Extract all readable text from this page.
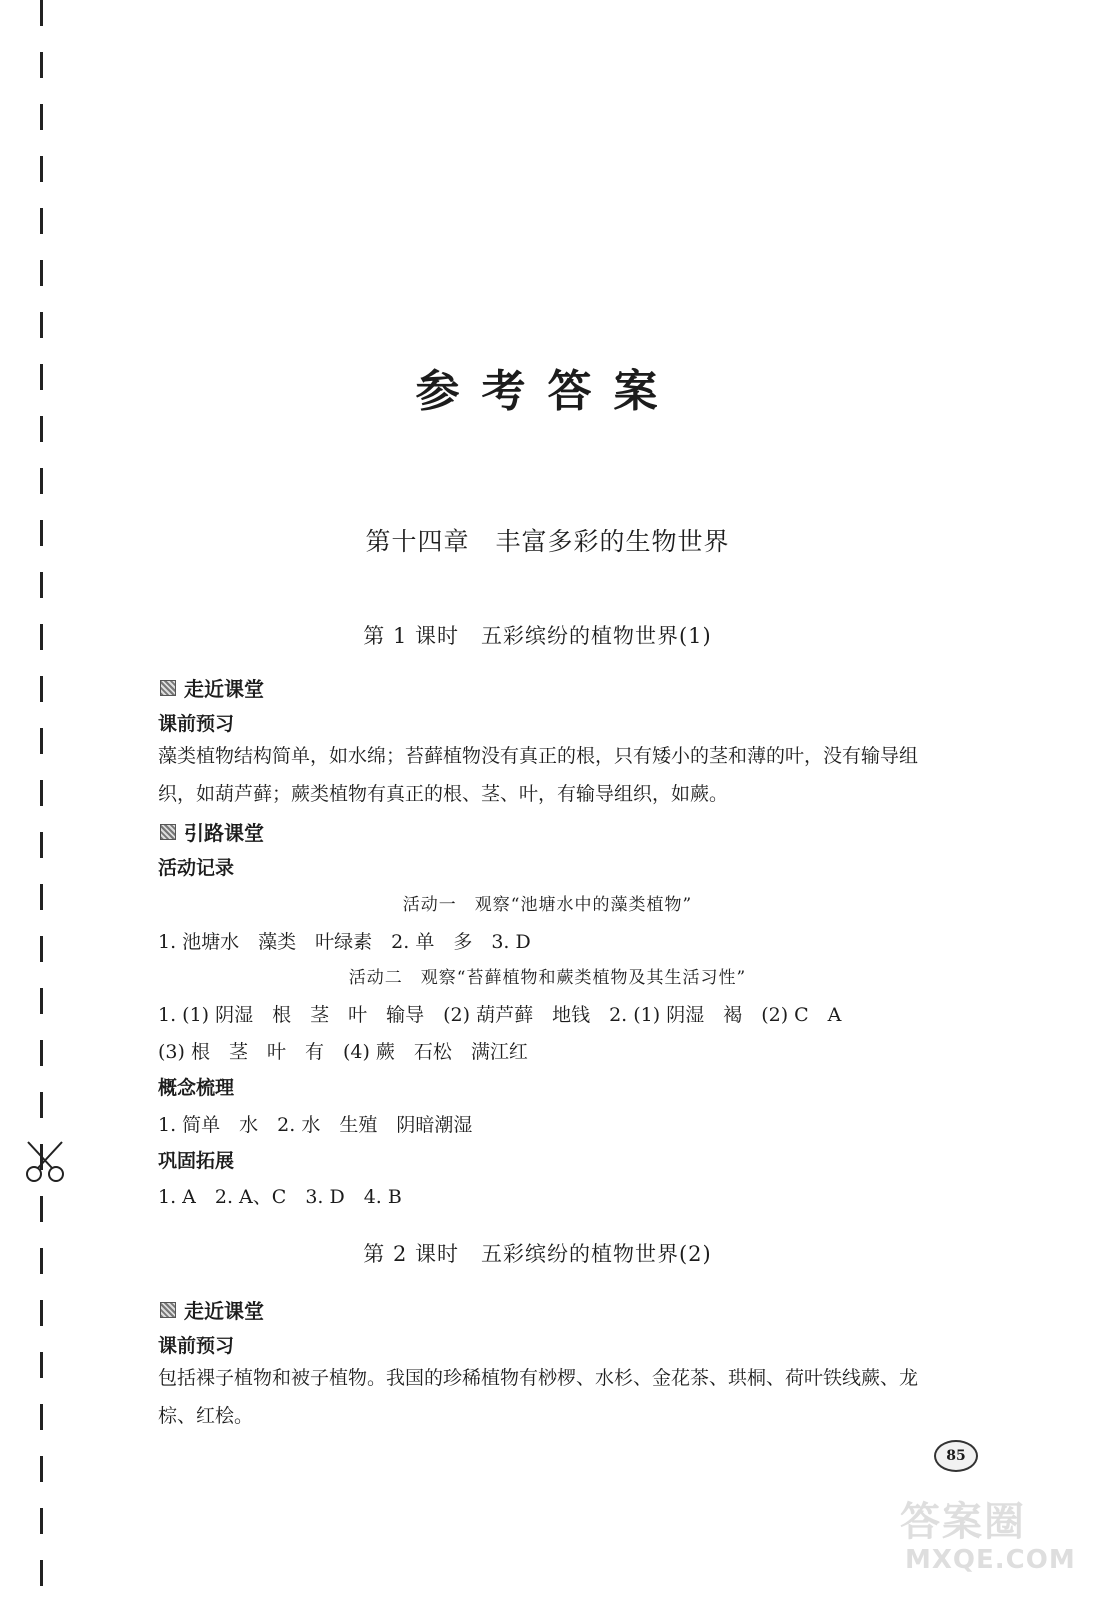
参考答案
第十四章　丰富多彩的生物世界
第 1 课时　五彩缤纷的植物世界(1)
走近课堂
课前预习
藻类植物结构简单，如水绵；苔藓植物没有真正的根，只有矮小的茎和薄的叶，没有输导组织，如葫芦藓；蕨类植物有真正的根、茎、叶，有输导组织，如蕨。
引路课堂
活动记录
活动一　观察“池塘水中的藻类植物”
1. 池塘水　藻类　叶绿素　2. 单　多　3. D
活动二　观察“苔藓植物和蕨类植物及其生活习性”
1. (1) 阴湿　根　茎　叶　输导　(2) 葫芦藓　地钱　2. (1) 阴湿　褐　(2) C　A
(3) 根　茎　叶　有　(4) 蕨　石松　满江红
概念梳理
1. 简单　水　2. 水　生殖　阴暗潮湿
巩固拓展
1. A　2. A、C　3. D　4. B
第 2 课时　五彩缤纷的植物世界(2)
走近课堂
课前预习
包括裸子植物和被子植物。我国的珍稀植物有桫椤、水杉、金花茶、珙桐、荷叶铁线蕨、龙棕、红桧。
85
答案圈
MXQE.COM
